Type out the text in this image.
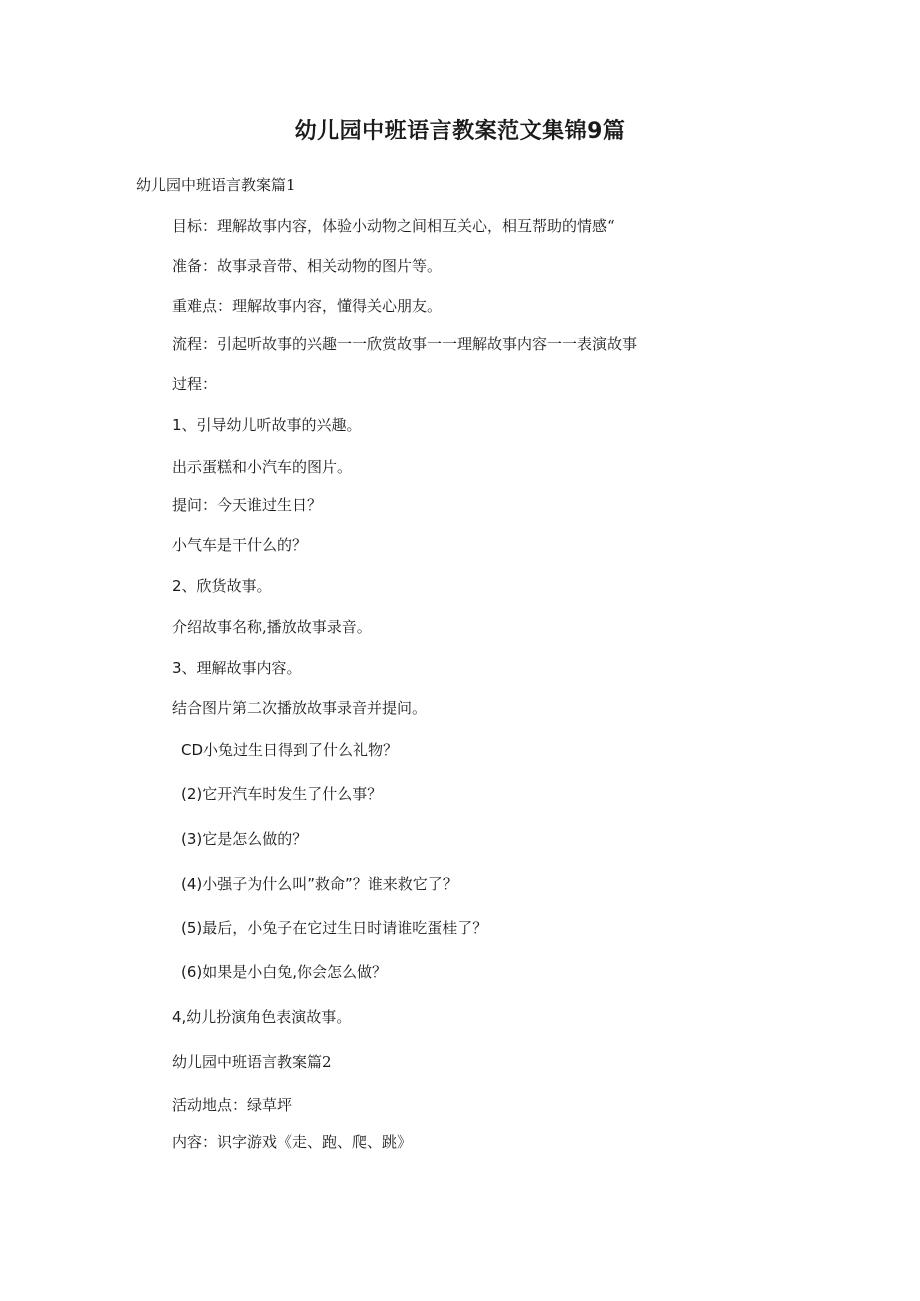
幼儿园中班语言教案范文集锦9篇

幼儿园中班语言教案篇1

目标：理解故事内容，体验小动物之间相互关心，相互帮助的情感“

准备：故事录音带、相关动物的图片等。

重难点：理解故事内容，懂得关心朋友。

流程：引起听故事的兴趣一一欣赏故事一一理解故事内容一一表演故事

过程：

1、引导幼儿听故事的兴趣。

出示蛋糕和小汽车的图片。

提问：今天谁过生日？

小气车是干什么的？

2、欣货故事。

介绍故事名称,播放故事录音。

3、理解故事内容。

结合图片第二次播放故事录音并提问。

CD小兔过生日得到了什么礼物？

(2)它开汽车时发生了什么事？

(3)它是怎么做的？

(4)小强子为什么叫”救命”？谁来救它了？

(5)最后，小兔子在它过生日时请谁吃蛋桂了？

(6)如果是小白兔,你会怎么做？

4,幼儿扮演角色表演故事。

幼儿园中班语言教案篇2

活动地点：绿草坪

内容：识字游戏《走、跑、爬、跳》
